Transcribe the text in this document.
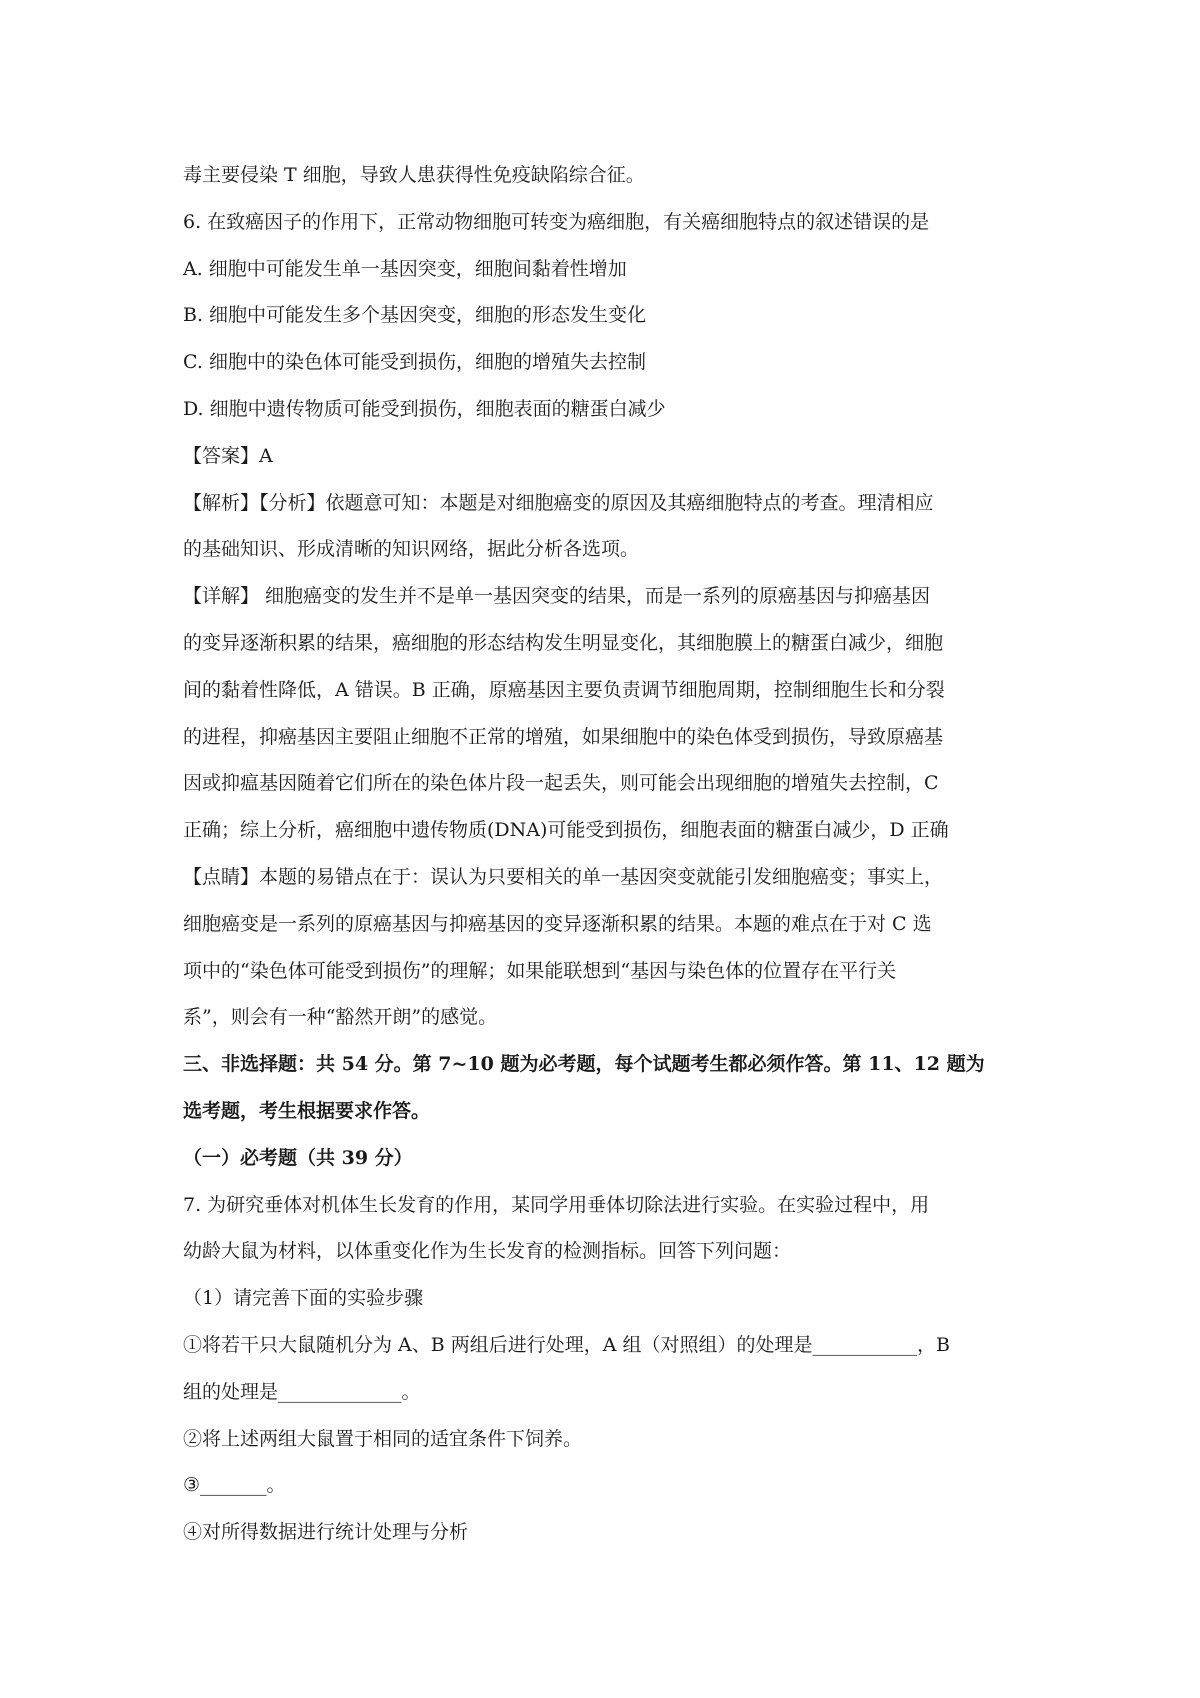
毒主要侵染 T 细胞，导致人患获得性免疫缺陷综合征。
6. 在致癌因子的作用下，正常动物细胞可转变为癌细胞，有关癌细胞特点的叙述错误的是
A. 细胞中可能发生单一基因突变，细胞间黏着性增加
B. 细胞中可能发生多个基因突变，细胞的形态发生变化
C. 细胞中的染色体可能受到损伤，细胞的增殖失去控制
D. 细胞中遗传物质可能受到损伤，细胞表面的糖蛋白减少
【答案】A
【解析】【分析】依题意可知：本题是对细胞癌变的原因及其癌细胞特点的考查。理清相应
的基础知识、形成清晰的知识网络，据此分析各选项。
【详解】 细胞癌变的发生并不是单一基因突变的结果，而是一系列的原癌基因与抑癌基因
的变异逐渐积累的结果，癌细胞的形态结构发生明显变化，其细胞膜上的糖蛋白减少，细胞
间的黏着性降低，A 错误。B 正确，原癌基因主要负责调节细胞周期，控制细胞生长和分裂
的进程，抑癌基因主要阻止细胞不正常的增殖，如果细胞中的染色体受到损伤，导致原癌基
因或抑瘟基因随着它们所在的染色体片段一起丢失，则可能会出现细胞的增殖失去控制，C
正确；综上分析，癌细胞中遗传物质(DNA)可能受到损伤，细胞表面的糖蛋白减少，D 正确
【点睛】本题的易错点在于：误认为只要相关的单一基因突变就能引发细胞癌变；事实上，
细胞癌变是一系列的原癌基因与抑癌基因的变异逐渐积累的结果。本题的难点在于对 C 选
项中的“染色体可能受到损伤”的理解；如果能联想到“基因与染色体的位置存在平行关
系”，则会有一种“豁然开朗”的感觉。
三、非选择题：共 54 分。第 7~10 题为必考题，每个试题考生都必须作答。第 11、12 题为
选考题，考生根据要求作答。
（一）必考题（共 39 分）
7. 为研究垂体对机体生长发育的作用，某同学用垂体切除法进行实验。在实验过程中，用
幼龄大鼠为材料，以体重变化作为生长发育的检测指标。回答下列问题：
（1）请完善下面的实验步骤
①将若干只大鼠随机分为 A、B 两组后进行处理，A 组（对照组）的处理是___________，B
组的处理是_____________。
②将上述两组大鼠置于相同的适宜条件下饲养。
③_______。
④对所得数据进行统计处理与分析
